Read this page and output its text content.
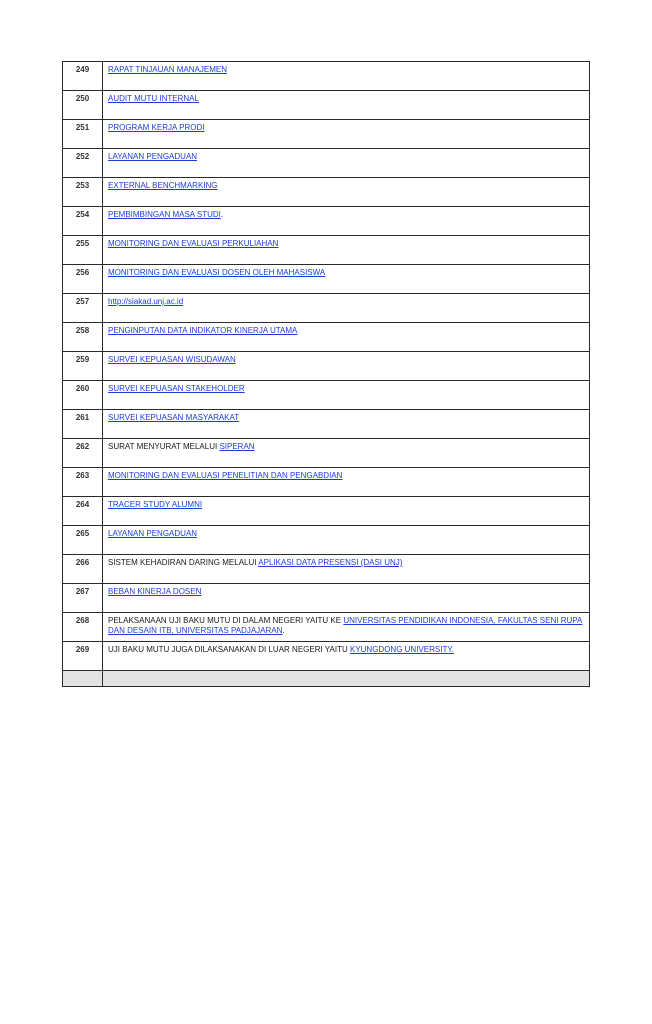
249	RAPAT TINJAUAN MANAJEMEN
250	AUDIT MUTU INTERNAL
251	PROGRAM KERJA PRODI
252	LAYANAN PENGADUAN
253	EXTERNAL BENCHMARKING
254	PEMBIMBINGAN MASA STUDI.
255	MONITORING DAN EVALUASI PERKULIAHAN
256	MONITORING DAN EVALUASI DOSEN OLEH MAHASISWA
257	http://siakad.unj.ac.id
258	PENGINPUTAN DATA INDIKATOR KINERJA UTAMA
259	SURVEI KEPUASAN WISUDAWAN
260	SURVEI KEPUASAN STAKEHOLDER
261	SURVEI KEPUASAN MASYARAKAT
262	SURAT MENYURAT MELALUI SIPERAN
263	MONITORING DAN EVALUASI PENELITIAN DAN PENGABDIAN
264	TRACER STUDY ALUMNI
265	LAYANAN PENGADUAN
266	SISTEM KEHADIRAN DARING MELALUI APLIKASI DATA PRESENSI (DASI UNJ)
267	BEBAN KINERJA DOSEN
268	PELAKSANAAN UJI BAKU MUTU DI DALAM NEGERI YAITU KE UNIVERSITAS PENDIDIKAN INDONESIA, FAKULTAS SENI RUPA DAN DESAIN ITB, UNIVERSITAS PADJAJARAN.
269	UJI BAKU MUTU JUGA DILAKSANAKAN DI LUAR NEGERI YAITU KYUNGDONG UNIVERSITY.
